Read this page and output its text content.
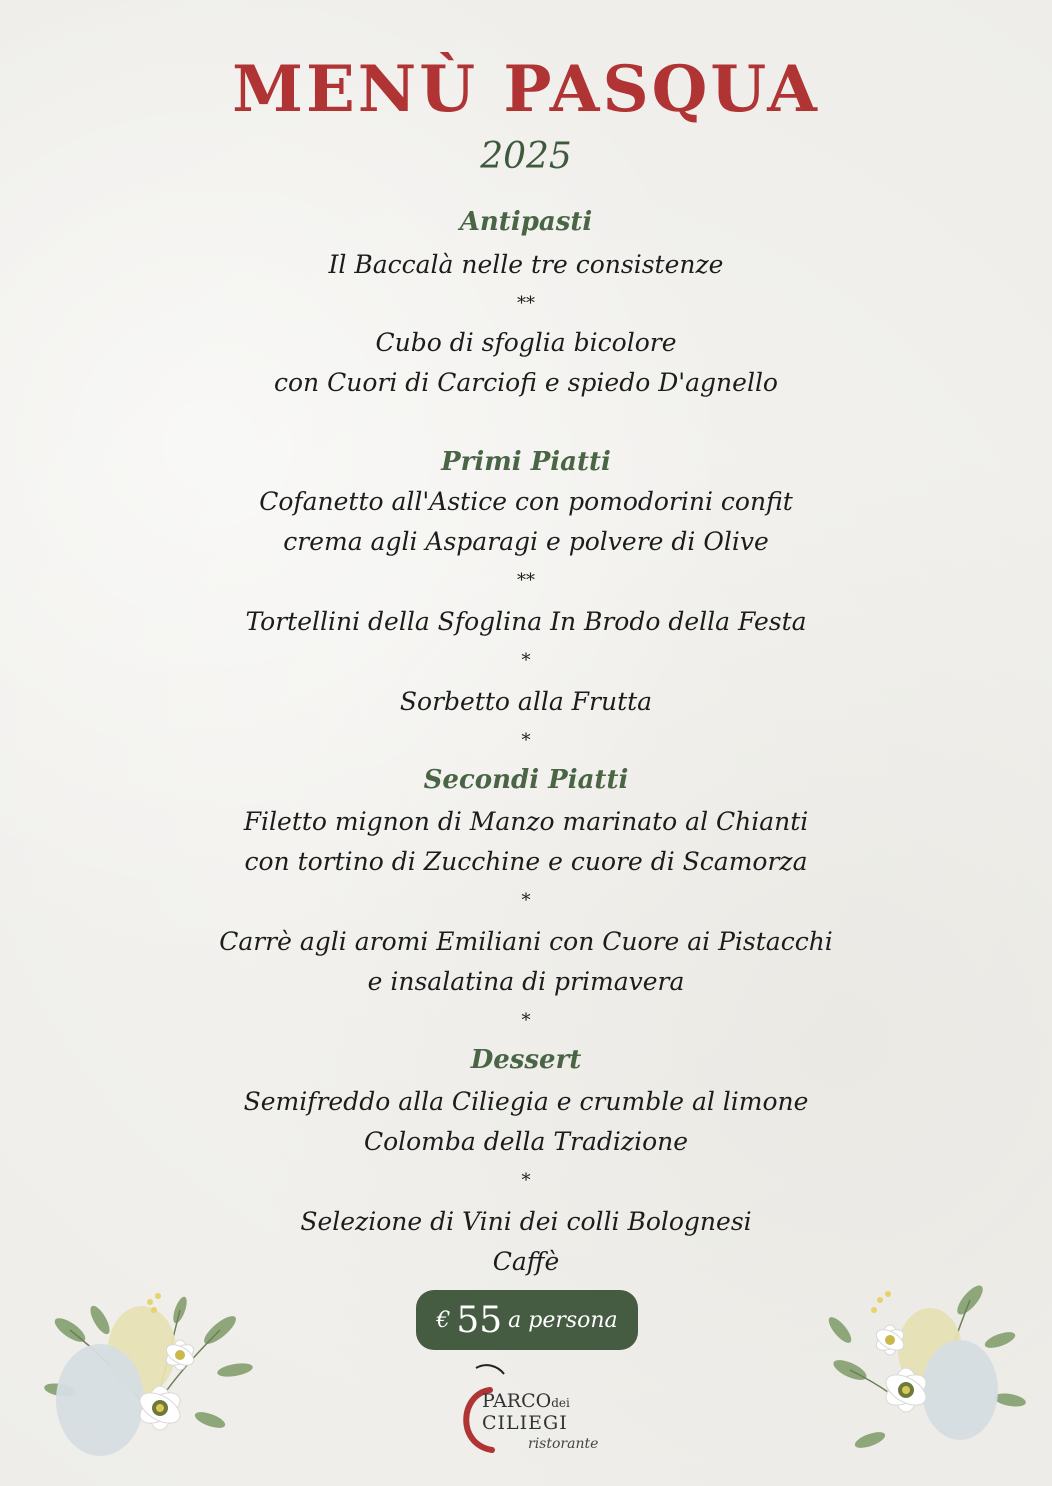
MENÙ PASQUA
2025
Antipasti
Il Baccalà nelle tre consistenze
**
Cubo di sfoglia bicolore
con Cuori di Carciofi e spiedo D'agnello
Primi Piatti
Cofanetto all'Astice con pomodorini confit
crema agli Asparagi e polvere di Olive
**
Tortellini della Sfoglina In Brodo della Festa
*
Sorbetto alla Frutta
*
Secondi Piatti
Filetto mignon di Manzo marinato al Chianti
con tortino di Zucchine e cuore di Scamorza
*
Carrè agli aromi Emiliani con Cuore ai Pistacchi
e insalatina di primavera
*
Dessert
Semifreddo alla Ciliegia e crumble al limone
Colomba della Tradizione
*
Selezione di Vini dei colli Bolognesi
Caffè
€ 55 a persona
PARCOdei
CILIEGI
ristorante
